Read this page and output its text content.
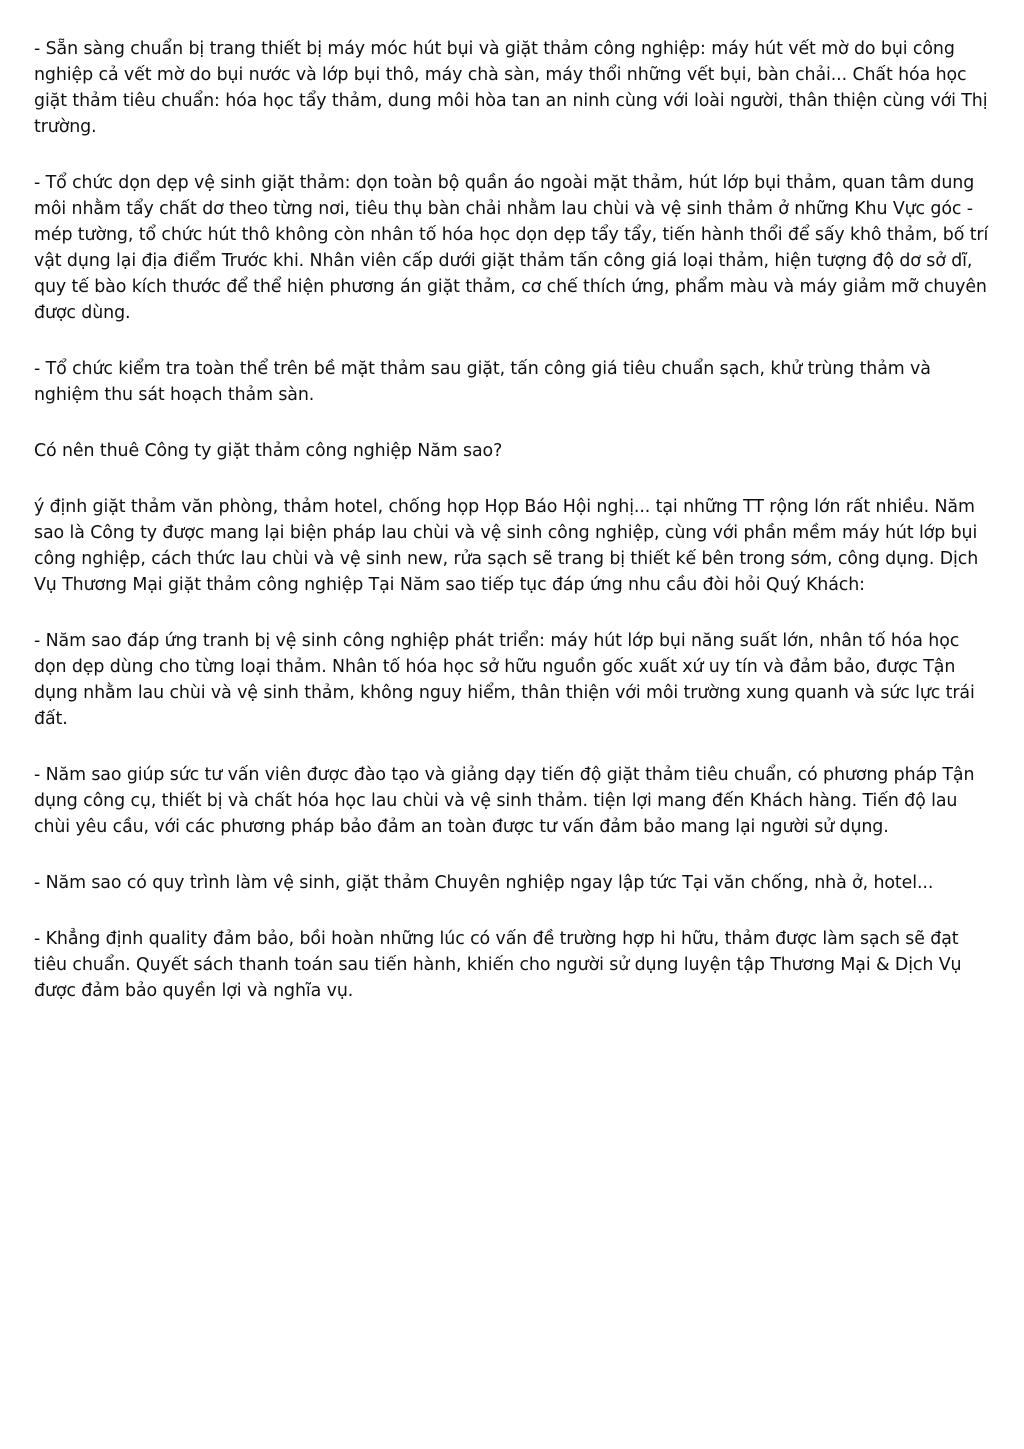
- Sẵn sàng chuẩn bị trang thiết bị máy móc hút bụi và giặt thảm công nghiệp: máy hút vết mờ do bụi công nghiệp cả vết mờ do bụi nước và lớp bụi thô, máy chà sàn, máy thổi những vết bụi, bàn chải... Chất hóa học giặt thảm tiêu chuẩn: hóa học tẩy thảm, dung môi hòa tan an ninh cùng với loài người, thân thiện cùng với Thị trường.

- Tổ chức dọn dẹp vệ sinh giặt thảm: dọn toàn bộ quần áo ngoài mặt thảm, hút lớp bụi thảm, quan tâm dung môi nhằm tẩy chất dơ theo từng nơi, tiêu thụ bàn chải nhằm lau chùi và vệ sinh thảm ở những Khu Vực góc - mép tường, tổ chức hút thô không còn nhân tố hóa học dọn dẹp tẩy tẩy, tiến hành thổi để sấy khô thảm, bố trí vật dụng lại địa điểm Trước khi. Nhân viên cấp dưới giặt thảm tấn công giá loại thảm, hiện tượng độ dơ sở dĩ, quy tế bào kích thước để thể hiện phương án giặt thảm, cơ chế thích ứng, phẩm màu và máy giảm mỡ chuyên được dùng.

- Tổ chức kiểm tra toàn thể trên bề mặt thảm sau giặt, tấn công giá tiêu chuẩn sạch, khử trùng thảm và nghiệm thu sát hoạch thảm sàn.

Có nên thuê Công ty giặt thảm công nghiệp Năm sao?

ý định giặt thảm văn phòng, thảm hotel, chống họp Họp Báo Hội nghị... tại những TT rộng lớn rất nhiều. Năm sao là Công ty được mang lại biện pháp lau chùi và vệ sinh công nghiệp, cùng với phần mềm máy hút lớp bụi công nghiệp, cách thức lau chùi và vệ sinh new, rửa sạch sẽ trang bị thiết kế bên trong sớm, công dụng. Dịch Vụ Thương Mại giặt thảm công nghiệp Tại Năm sao tiếp tục đáp ứng nhu cầu đòi hỏi Quý Khách:

- Năm sao đáp ứng tranh bị vệ sinh công nghiệp phát triển: máy hút lớp bụi năng suất lớn, nhân tố hóa học dọn dẹp dùng cho từng loại thảm. Nhân tố hóa học sở hữu nguồn gốc xuất xứ uy tín và đảm bảo, được Tận dụng nhằm lau chùi và vệ sinh thảm, không nguy hiểm, thân thiện với môi trường xung quanh và sức lực trái đất.

- Năm sao giúp sức tư vấn viên được đào tạo và giảng dạy tiến độ giặt thảm tiêu chuẩn, có phương pháp Tận dụng công cụ, thiết bị và chất hóa học lau chùi và vệ sinh thảm. tiện lợi mang đến Khách hàng. Tiến độ lau chùi yêu cầu, với các phương pháp bảo đảm an toàn được tư vấn đảm bảo mang lại người sử dụng.

- Năm sao có quy trình làm vệ sinh, giặt thảm Chuyên nghiệp ngay lập tức Tại văn chống, nhà ở, hotel...

- Khẳng định quality đảm bảo, bồi hoàn những lúc có vấn đề trường hợp hi hữu, thảm được làm sạch sẽ đạt tiêu chuẩn. Quyết sách thanh toán sau tiến hành, khiến cho người sử dụng luyện tập Thương Mại & Dịch Vụ được đảm bảo quyền lợi và nghĩa vụ.
